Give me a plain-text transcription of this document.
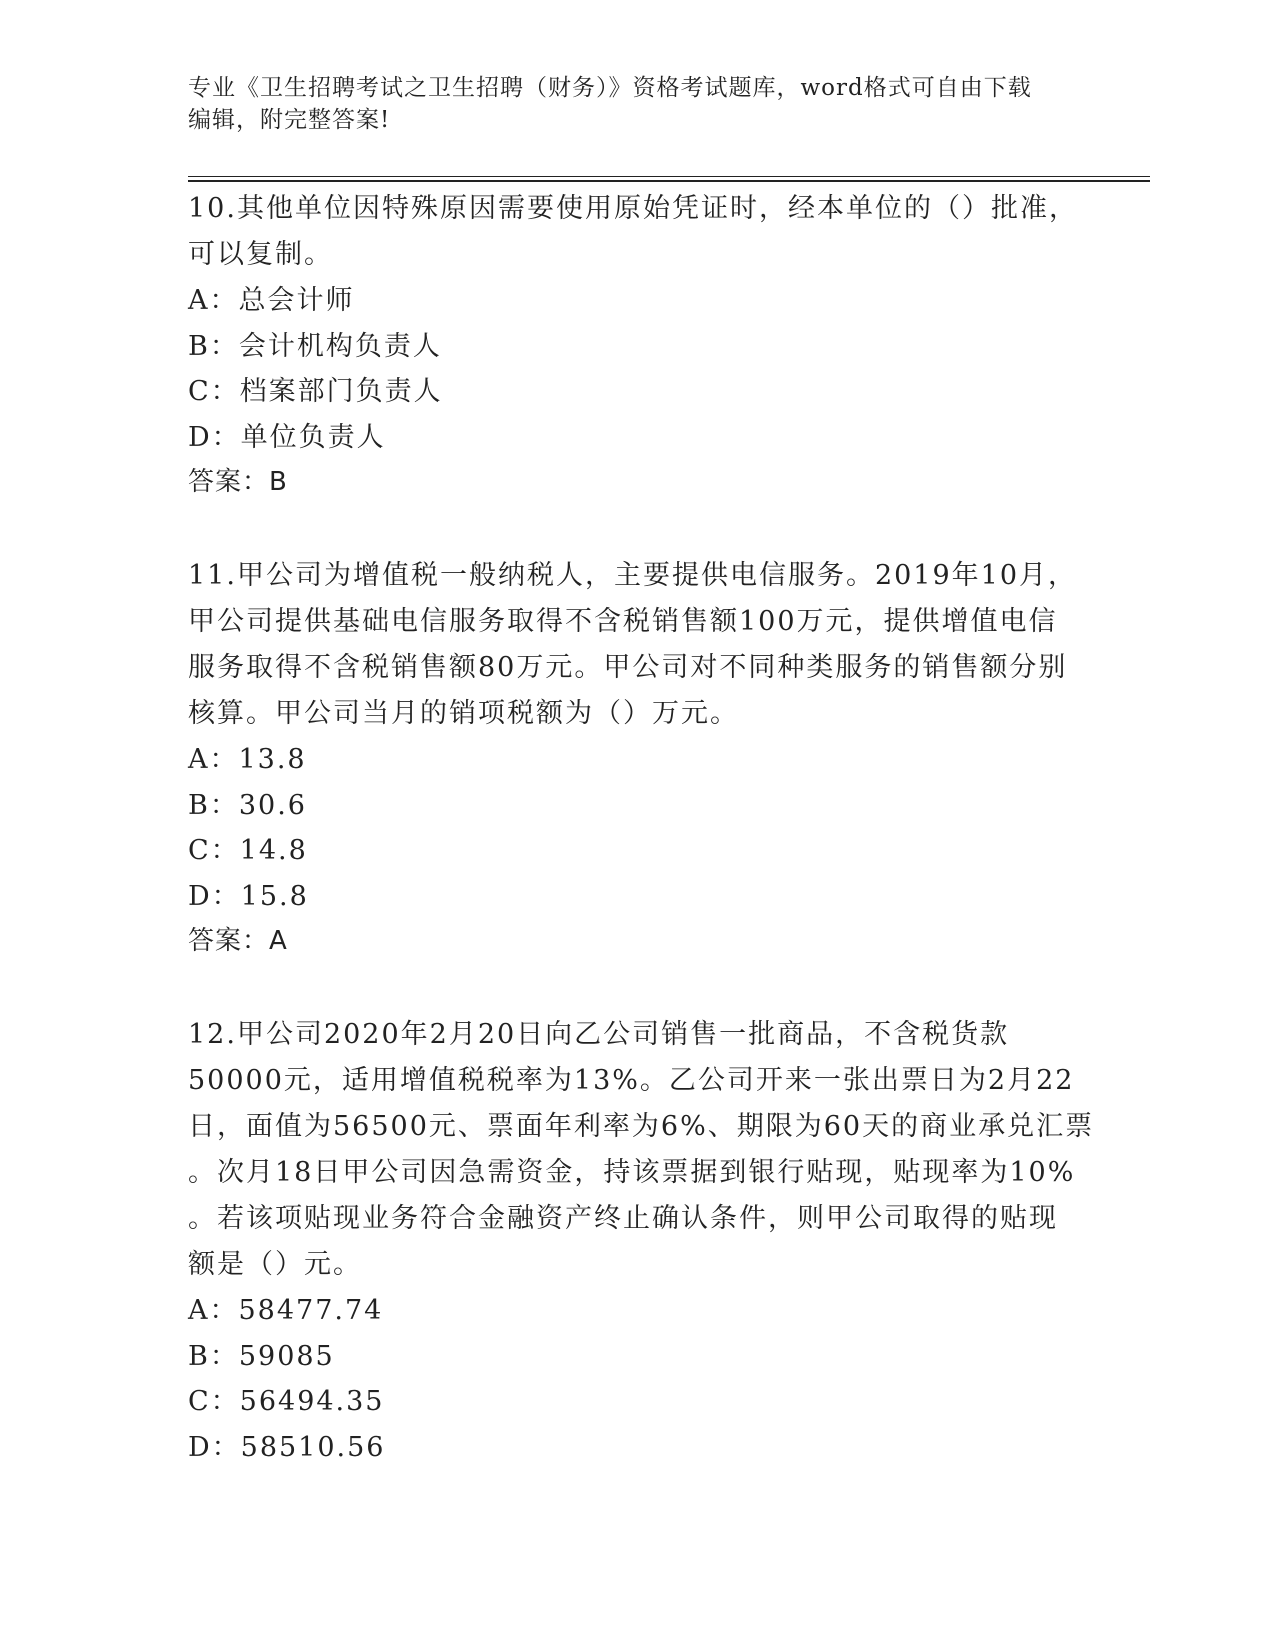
专业《卫生招聘考试之卫生招聘（财务）》资格考试题库，word格式可自由下载
编辑，附完整答案!
10.其他单位因特殊原因需要使用原始凭证时，经本单位的（）批准，
可以复制。
A：总会计师
B：会计机构负责人
C：档案部门负责人
D：单位负责人
答案：B
11.甲公司为增值税一般纳税人，主要提供电信服务。2019年10月，
甲公司提供基础电信服务取得不含税销售额100万元，提供增值电信
服务取得不含税销售额80万元。甲公司对不同种类服务的销售额分别
核算。甲公司当月的销项税额为（）万元。
A：13.8
B：30.6
C：14.8
D：15.8
答案：A
12.甲公司2020年2月20日向乙公司销售一批商品，不含税货款
50000元，适用增值税税率为13%。乙公司开来一张出票日为2月22
日，面值为56500元、票面年利率为6%、期限为60天的商业承兑汇票
。次月18日甲公司因急需资金，持该票据到银行贴现，贴现率为10%
。若该项贴现业务符合金融资产终止确认条件，则甲公司取得的贴现
额是（）元。
A：58477.74
B：59085
C：56494.35
D：58510.56
